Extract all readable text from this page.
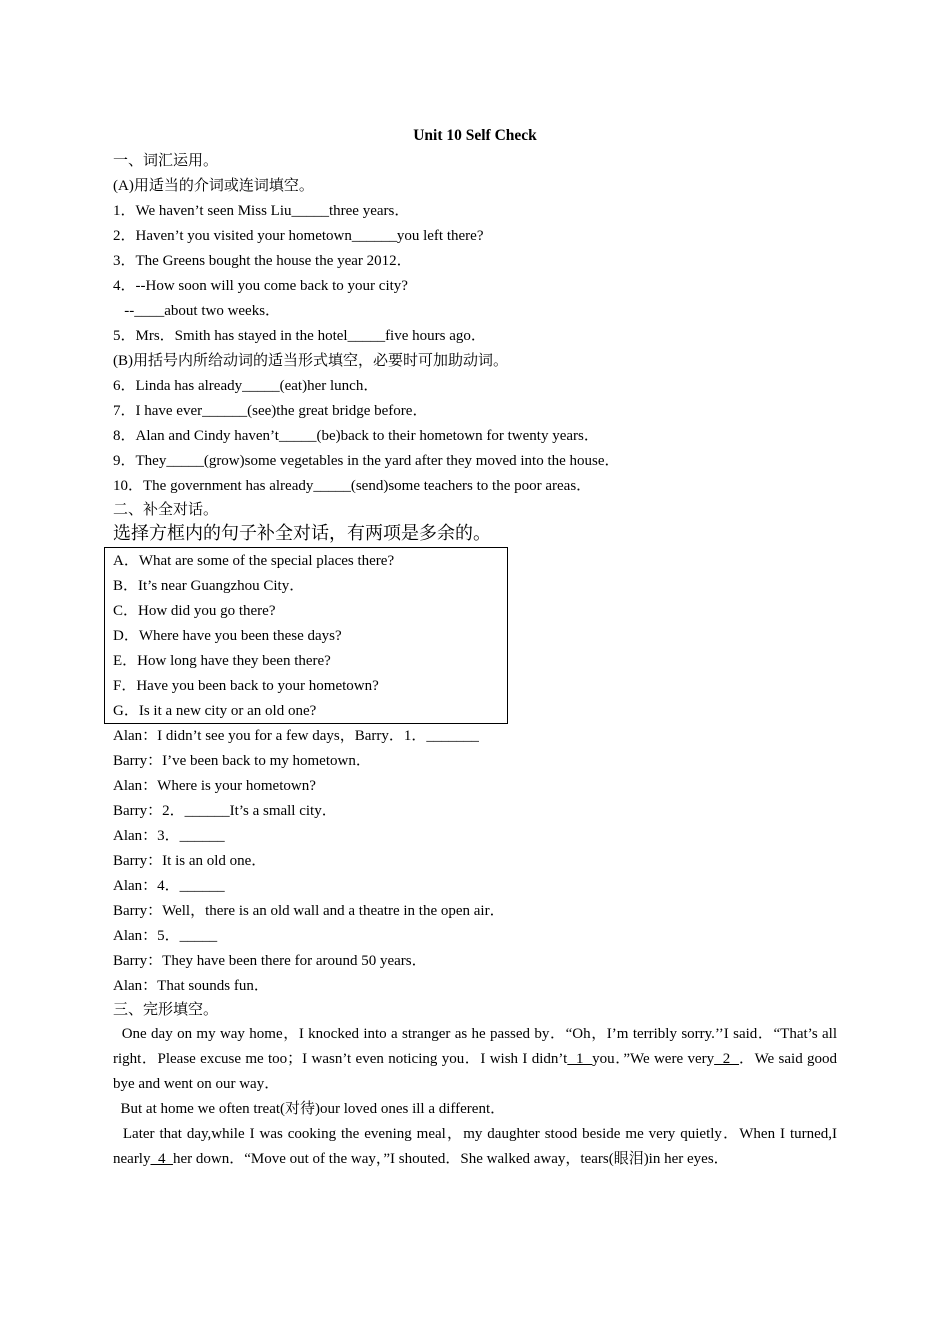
Unit 10 Self Check
一、词汇运用。
(A)用适当的介词或连词填空。
1．We haven’t seen Miss Liu_____three years．
2．Haven’t you visited your hometown______you left there?
3．The Greens bought the house the year 2012．
4．--How soon will you come back to your city?
--____about two weeks．
5．Mrs．Smith has stayed in the hotel_____five hours ago．
(B)用括号内所给动词的适当形式填空，必要时可加助动词。
6．Linda has already_____(eat)her lunch．
7．I have ever______(see)the great bridge before．
8．Alan and Cindy haven’t_____(be)back to their hometown for twenty years．
9．They_____(grow)some vegetables in the yard after they moved into the house．
10．The government has already_____(send)some teachers to the poor areas．
二、补全对话。
选择方框内的句子补全对话，有两项是多余的。
A．What are some of the special places there?
B．It’s near Guangzhou City．
C．How did you go there?
D．Where have you been these days?
E．How long have they been there?
F．Have you been back to your hometown?
G．Is it a new city or an old one?
Alan：I didn’t see you for a few days，Barry．1．_______
Barry：I’ve been back to my hometown．
Alan：Where is your hometown?
Barry：2．______It’s a small city．
Alan：3．______
Barry：It is an old one．
Alan：4．______
Barry：Well，there is an old wall and a theatre in the open air．
Alan：5．_____
Barry：They have been there for around 50 years．
Alan：That sounds fun．
三、完形填空。
One day on my way home，I knocked into a stranger as he passed by．“Oh，I’m terribly sorry.’’I said．“That’s all right．Please excuse me too；I wasn’t even noticing you．I wish I didn’t  1  you．”We were very  2  ．We said good bye and went on our way．
But at home we often treat(对待)our loved ones ill a different．
Later that day,while I was cooking the evening meal，my daughter stood beside me very quietly．When I turned,I nearly  4  her down．“Move out of the way，”I shouted．She walked away，tears(眼泪)in her eyes．
